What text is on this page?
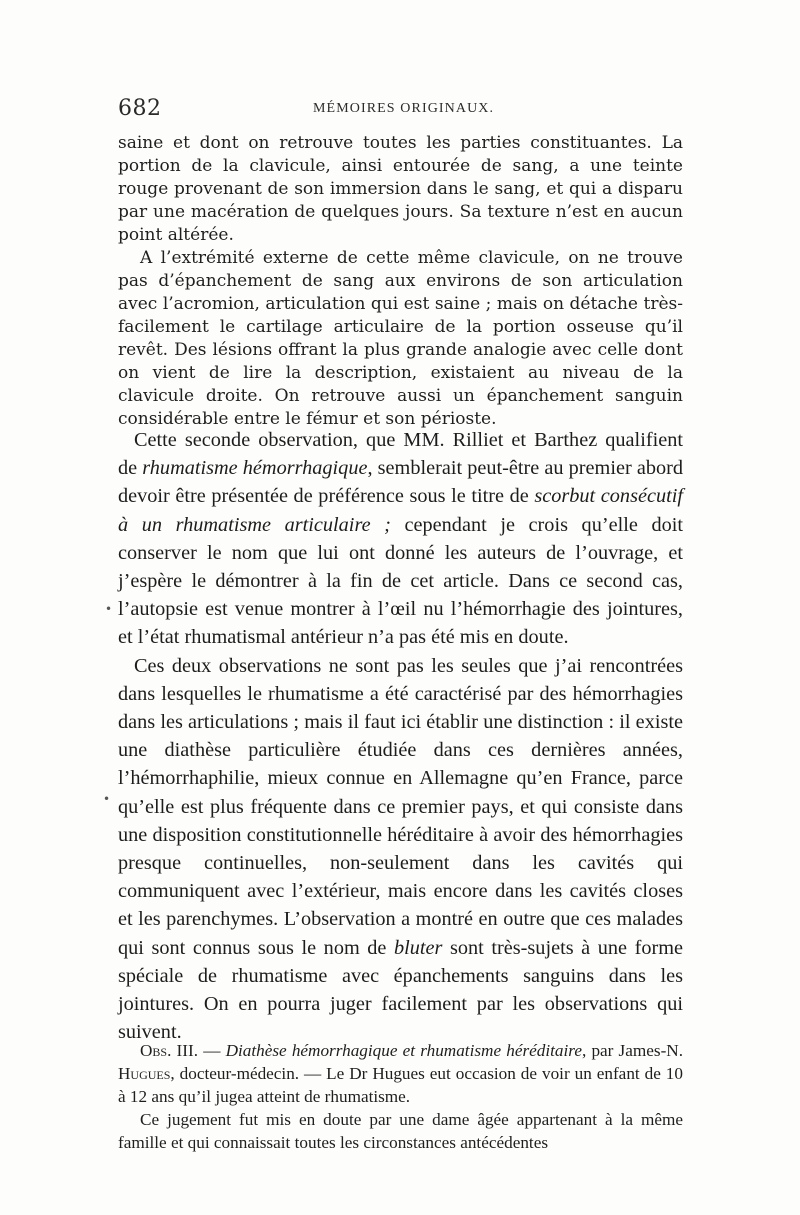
682	MÉMOIRES ORIGINAUX.

saine et dont on retrouve toutes les parties constituantes. La portion de la clavicule, ainsi entourée de sang, a une teinte rouge provenant de son immersion dans le sang, et qui a disparu par une macération de quelques jours. Sa texture n’est en aucun point altérée.

A l’extrémité externe de cette même clavicule, on ne trouve pas d’épanchement de sang aux environs de son articulation avec l’acromion, articulation qui est saine ; mais on détache très-facilement le cartilage articulaire de la portion osseuse qu’il revêt. Des lésions offrant la plus grande analogie avec celle dont on vient de lire la description, existaient au niveau de la clavicule droite. On retrouve aussi un épanchement sanguin considérable entre le fémur et son périoste.

Cette seconde observation, que MM. Rilliet et Barthez qualifient de rhumatisme hémorrhagique, semblerait peut-être au premier abord devoir être présentée de préférence sous le titre de scorbut consécutif à un rhumatisme articulaire ; cependant je crois qu’elle doit conserver le nom que lui ont donné les auteurs de l’ouvrage, et j’espère le démontrer à la fin de cet article. Dans ce second cas, l’autopsie est venue montrer à l’œil nu l’hémorrhagie des jointures, et l’état rhumatismal antérieur n’a pas été mis en doute.

Ces deux observations ne sont pas les seules que j’ai rencontrées dans lesquelles le rhumatisme a été caractérisé par des hémorrhagies dans les articulations ; mais il faut ici établir une distinction : il existe une diathèse particulière étudiée dans ces dernières années, l’hémorrhaphilie, mieux connue en Allemagne qu’en France, parce qu’elle est plus fréquente dans ce premier pays, et qui consiste dans une disposition constitutionnelle héréditaire à avoir des hémorrhagies presque continuelles, non-seulement dans les cavités qui communiquent avec l’extérieur, mais encore dans les cavités closes et les parenchymes. L’observation a montré en outre que ces malades qui sont connus sous le nom de bluter sont très-sujets à une forme spéciale de rhumatisme avec épanchements sanguins dans les jointures. On en pourra juger facilement par les observations qui suivent.

Obs. III. — Diathèse hémorrhagique et rhumatisme héréditaire, par James-N. Hugues, docteur-médecin. — Le Dr Hugues eut occasion de voir un enfant de 10 à 12 ans qu’il jugea atteint de rhumatisme.

Ce jugement fut mis en doute par une dame âgée appartenant à la même famille et qui connaissait toutes les circonstances antécédentes

•
•
